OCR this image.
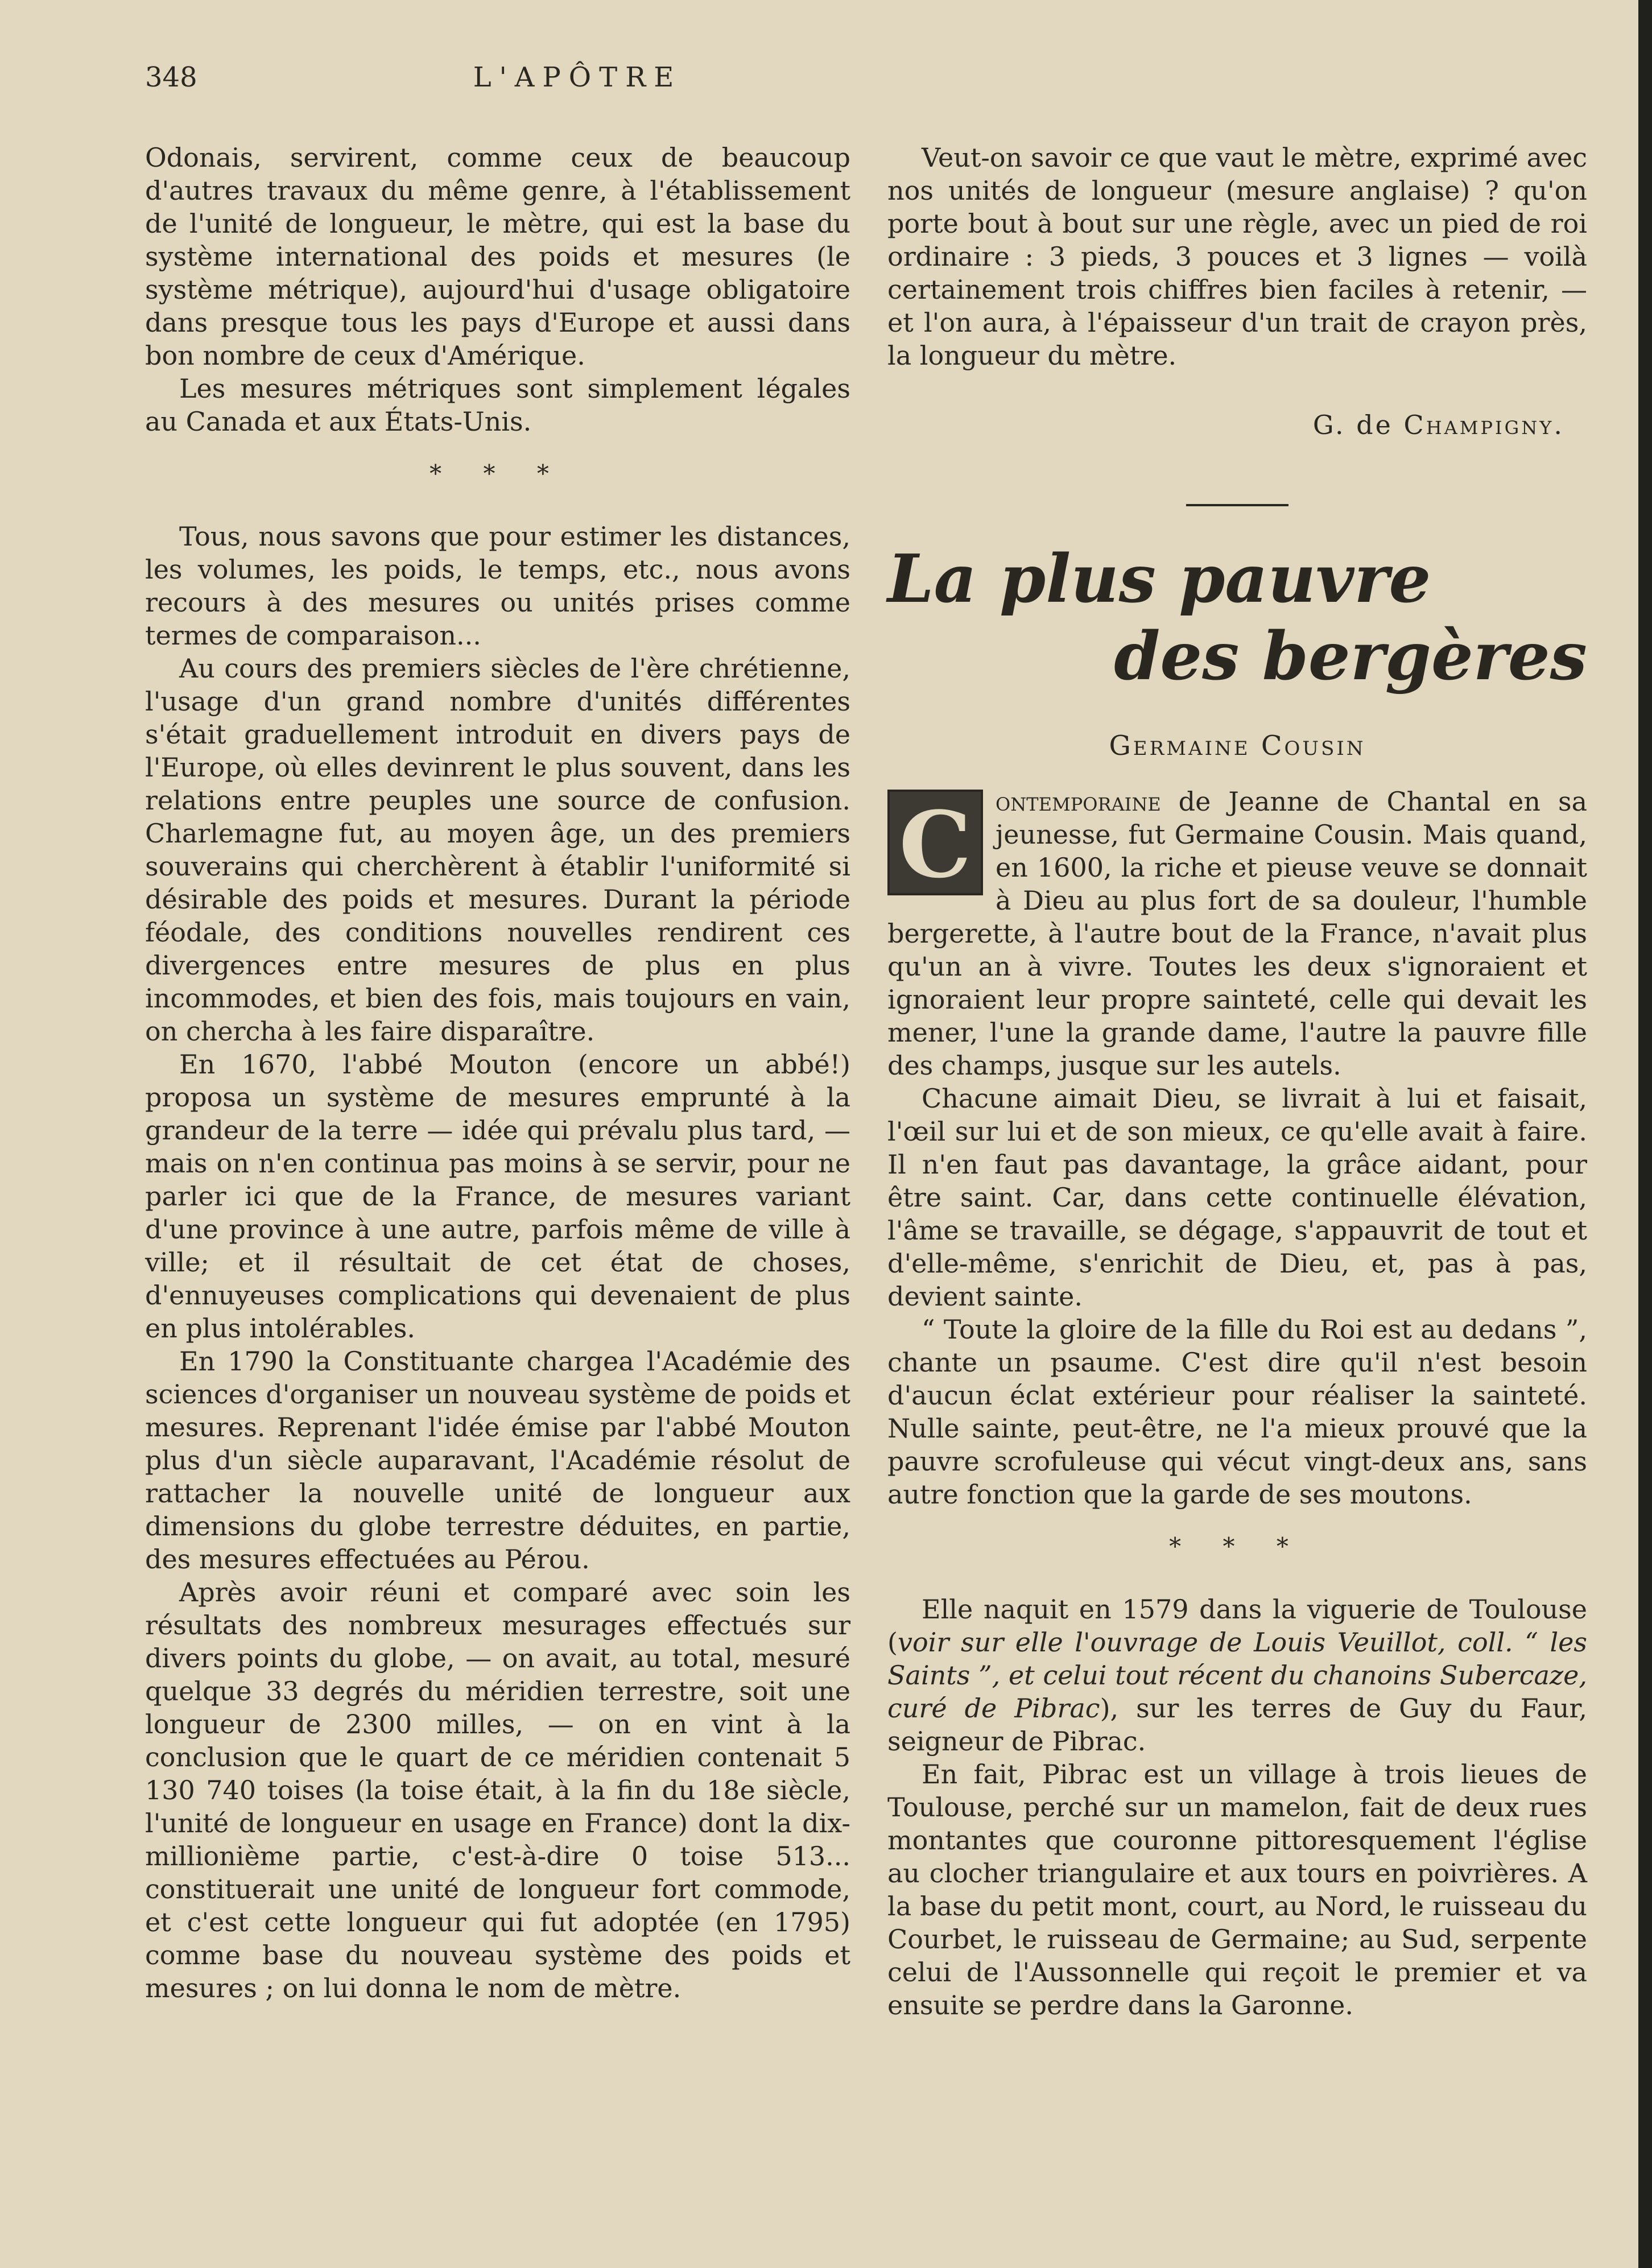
348	L'APÔTRE

Odonais, servirent, comme ceux de beaucoup d'autres travaux du même genre, à l'établissement de l'unité de longueur, le mètre, qui est la base du système international des poids et mesures (le système métrique), aujourd'hui d'usage obligatoire dans presque tous les pays d'Europe et aussi dans bon nombre de ceux d'Amérique.

Les mesures métriques sont simplement légales au Canada et aux États-Unis.

* * *

Tous, nous savons que pour estimer les distances, les volumes, les poids, le temps, etc., nous avons recours à des mesures ou unités prises comme termes de comparaison...

Au cours des premiers siècles de l'ère chrétienne, l'usage d'un grand nombre d'unités différentes s'était graduellement introduit en divers pays de l'Europe, où elles devinrent le plus souvent, dans les relations entre peuples une source de confusion. Charlemagne fut, au moyen âge, un des premiers souverains qui cherchèrent à établir l'uniformité si désirable des poids et mesures. Durant la période féodale, des conditions nouvelles rendirent ces divergences entre mesures de plus en plus incommodes, et bien des fois, mais toujours en vain, on chercha à les faire disparaître.

En 1670, l'abbé Mouton (encore un abbé!) proposa un système de mesures emprunté à la grandeur de la terre — idée qui prévalu plus tard, — mais on n'en continua pas moins à se servir, pour ne parler ici que de la France, de mesures variant d'une province à une autre, parfois même de ville à ville; et il résultait de cet état de choses, d'ennuyeuses complications qui devenaient de plus en plus intolérables.

En 1790 la Constituante chargea l'Académie des sciences d'organiser un nouveau système de poids et mesures. Reprenant l'idée émise par l'abbé Mouton plus d'un siècle auparavant, l'Académie résolut de rattacher la nouvelle unité de longueur aux dimensions du globe terrestre déduites, en partie, des mesures effectuées au Pérou.

Après avoir réuni et comparé avec soin les résultats des nombreux mesurages effectués sur divers points du globe, — on avait, au total, mesuré quelque 33 degrés du méridien terrestre, soit une longueur de 2300 milles, — on en vint à la conclusion que le quart de ce méridien contenait 5 130 740 toises (la toise était, à la fin du 18e siècle, l'unité de longueur en usage en France) dont la dix-millionième partie, c'est-à-dire 0 toise 513... constituerait une unité de longueur fort commode, et c'est cette longueur qui fut adoptée (en 1795) comme base du nouveau système des poids et mesures ; on lui donna le nom de mètre.

Veut-on savoir ce que vaut le mètre, exprimé avec nos unités de longueur (mesure anglaise) ? qu'on porte bout à bout sur une règle, avec un pied de roi ordinaire : 3 pieds, 3 pouces et 3 lignes — voilà certainement trois chiffres bien faciles à retenir, — et l'on aura, à l'épaisseur d'un trait de crayon près, la longueur du mètre.

G. de Champigny.
La plus pauvre
des bergères
Germaine Cousin

C ontemporaine de Jeanne de Chantal en sa jeunesse, fut Germaine Cousin. Mais quand, en 1600, la riche et pieuse veuve se donnait à Dieu au plus fort de sa douleur, l'humble bergerette, à l'autre bout de la France, n'avait plus qu'un an à vivre. Toutes les deux s'ignoraient et ignoraient leur propre sainteté, celle qui devait les mener, l'une la grande dame, l'autre la pauvre fille des champs, jusque sur les autels.

Chacune aimait Dieu, se livrait à lui et faisait, l'œil sur lui et de son mieux, ce qu'elle avait à faire. Il n'en faut pas davantage, la grâce aidant, pour être saint. Car, dans cette continuelle élévation, l'âme se travaille, se dégage, s'appauvrit de tout et d'elle-même, s'enrichit de Dieu, et, pas à pas, devient sainte.

“ Toute la gloire de la fille du Roi est au dedans ”, chante un psaume. C'est dire qu'il n'est besoin d'aucun éclat extérieur pour réaliser la sainteté. Nulle sainte, peut-être, ne l'a mieux prouvé que la pauvre scrofuleuse qui vécut vingt-deux ans, sans autre fonction que la garde de ses moutons.

* * *

Elle naquit en 1579 dans la viguerie de Toulouse (voir sur elle l'ouvrage de Louis Veuillot, coll. “ les Saints ”, et celui tout récent du chanoins Subercaze, curé de Pibrac), sur les terres de Guy du Faur, seigneur de Pibrac.

En fait, Pibrac est un village à trois lieues de Toulouse, perché sur un mamelon, fait de deux rues montantes que couronne pittoresquement l'église au clocher triangulaire et aux tours en poivrières. A la base du petit mont, court, au Nord, le ruisseau du Courbet, le ruisseau de Germaine; au Sud, serpente celui de l'Aussonnelle qui reçoit le premier et va ensuite se perdre dans la Garonne.
